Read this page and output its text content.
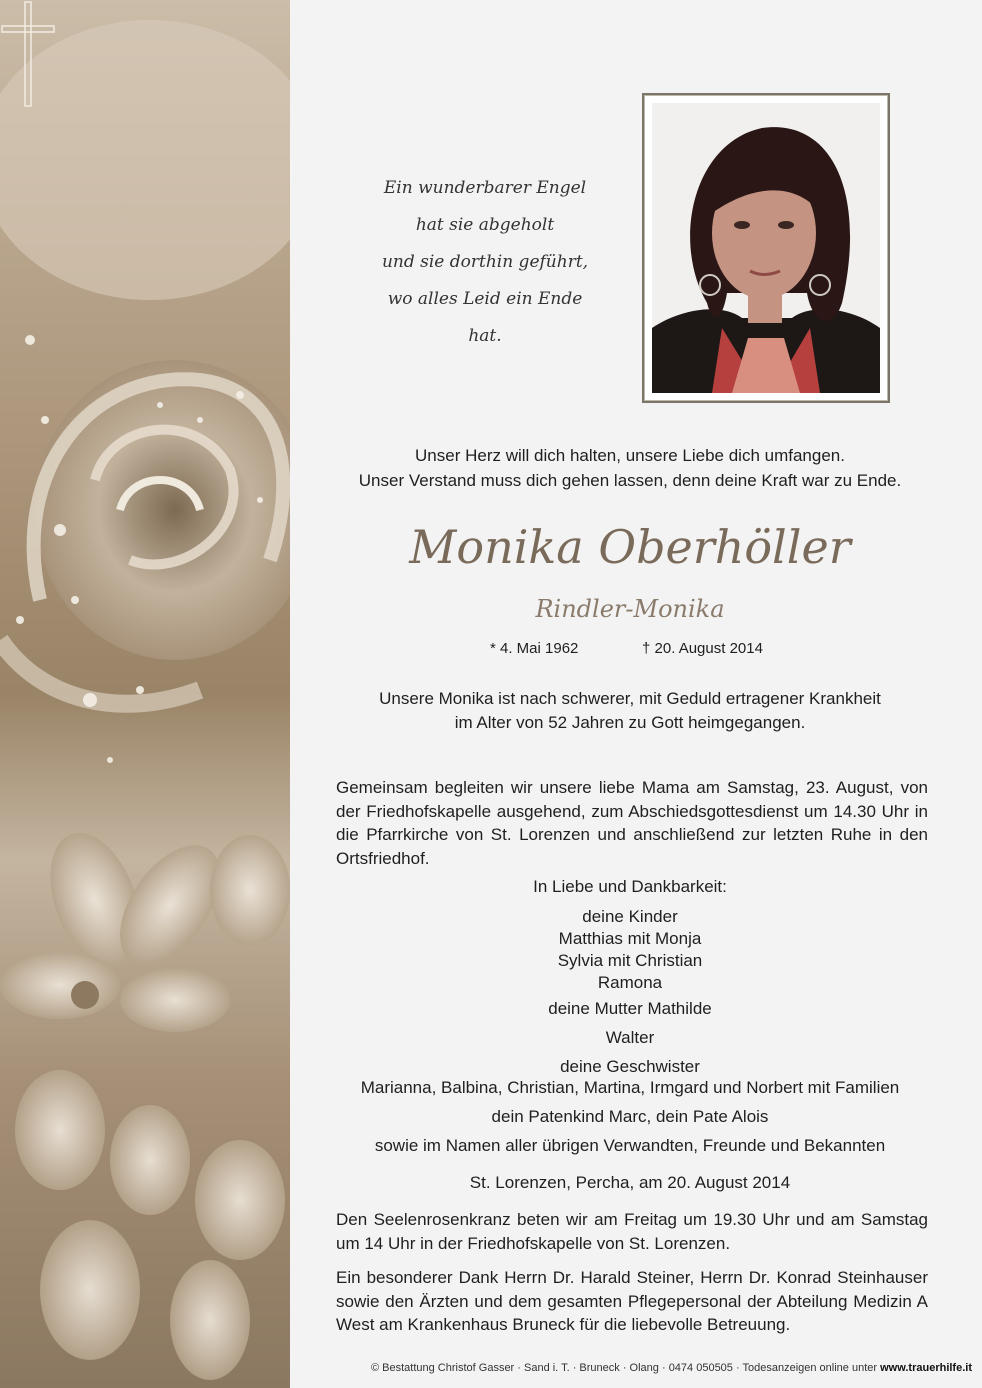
Ein wunderbarer Engel
hat sie abgeholt
und sie dorthin geführt,
wo alles Leid ein Ende hat.
Unser Herz will dich halten, unsere Liebe dich umfangen.
Unser Verstand muss dich gehen lassen, denn deine Kraft war zu Ende.
Monika Oberhöller
Rindler-Monika
* 4. Mai 1962	† 20. August 2014
Unsere Monika ist nach schwerer, mit Geduld ertragener Krankheit
im Alter von 52 Jahren zu Gott heimgegangen.
Gemeinsam begleiten wir unsere liebe Mama am Samstag, 23. August, von der Friedhofskapelle ausgehend, zum Abschiedsgottesdienst um 14.30 Uhr in die Pfarrkirche von St. Lorenzen und anschließend zur letzten Ruhe in den Ortsfriedhof.
In Liebe und Dankbarkeit:
deine Kinder
Matthias mit Monja
Sylvia mit Christian
Ramona
deine Mutter Mathilde
Walter
deine Geschwister
Marianna, Balbina, Christian, Martina, Irmgard und Norbert mit Familien
dein Patenkind Marc, dein Pate Alois
sowie im Namen aller übrigen Verwandten, Freunde und Bekannten
St. Lorenzen, Percha, am 20. August 2014
Den Seelenrosenkranz beten wir am Freitag um 19.30 Uhr und am Samstag um 14 Uhr in der Friedhofskapelle von St. Lorenzen.
Ein besonderer Dank Herrn Dr. Harald Steiner, Herrn Dr. Konrad Steinhauser sowie den Ärzten und dem gesamten Pflegepersonal der Abteilung Medizin A West am Krankenhaus Bruneck für die liebevolle Betreuung.
© Bestattung Christof Gasser · Sand i. T. · Bruneck · Olang · 0474 050505 · Todesanzeigen online unter www.trauerhilfe.it
